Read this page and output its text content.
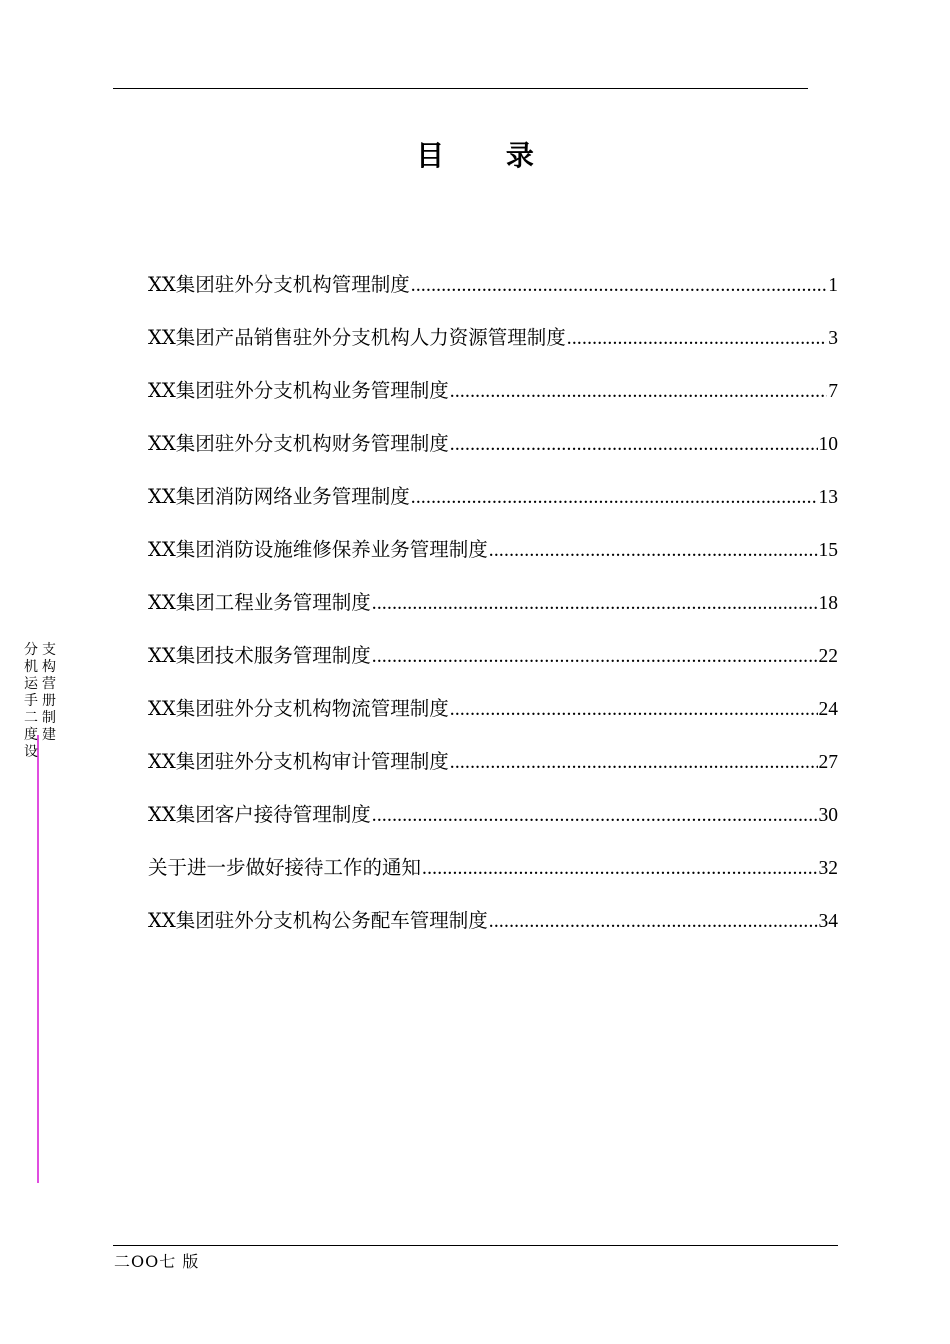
目 录
XX集团驻外分支机构管理制度 .....	1
XX集团产品销售驻外分支机构人力资源管理制度 .....	3
XX集团驻外分支机构业务管理制度 .....	7
XX集团驻外分支机构财务管理制度 .....	10
XX集团消防网络业务管理制度 .....	13
XX集团消防设施维修保养业务管理制度 .....	15
XX集团工程业务管理制度 .....	18
XX集团技术服务管理制度 .....	22
XX集团驻外分支机构物流管理制度 .....	24
XX集团驻外分支机构审计管理制度 .....	27
XX集团客户接待管理制度 .....	30
关于进一步做好接待工作的通知 .....	32
XX集团驻外分支机构公务配车管理制度 .....	34
分支机构运营手册二制度建设
二OO七 版
